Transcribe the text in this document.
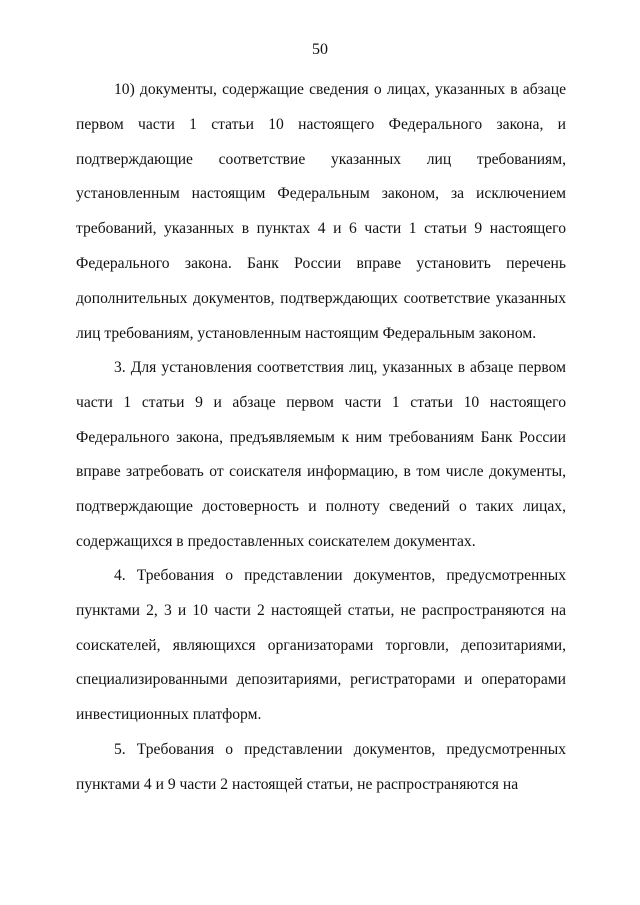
50

10) документы, содержащие сведения о лицах, указанных в абзаце первом части 1 статьи 10 настоящего Федерального закона, и подтверждающие соответствие указанных лиц требованиям, установленным настоящим Федеральным законом, за исключением требований, указанных в пунктах 4 и 6 части 1 статьи 9 настоящего Федерального закона. Банк России вправе установить перечень дополнительных документов, подтверждающих соответствие указанных лиц требованиям, установленным настоящим Федеральным законом.

3. Для установления соответствия лиц, указанных в абзаце первом части 1 статьи 9 и абзаце первом части 1 статьи 10 настоящего Федерального закона, предъявляемым к ним требованиям Банк России вправе затребовать от соискателя информацию, в том числе документы, подтверждающие достоверность и полноту сведений о таких лицах, содержащихся в предоставленных соискателем документах.

4. Требования о представлении документов, предусмотренных пунктами 2, 3 и 10 части 2 настоящей статьи, не распространяются на соискателей, являющихся организаторами торговли, депозитариями, специализированными депозитариями, регистраторами и операторами инвестиционных платформ.

5. Требования о представлении документов, предусмотренных пунктами 4 и 9 части 2 настоящей статьи, не распространяются на
